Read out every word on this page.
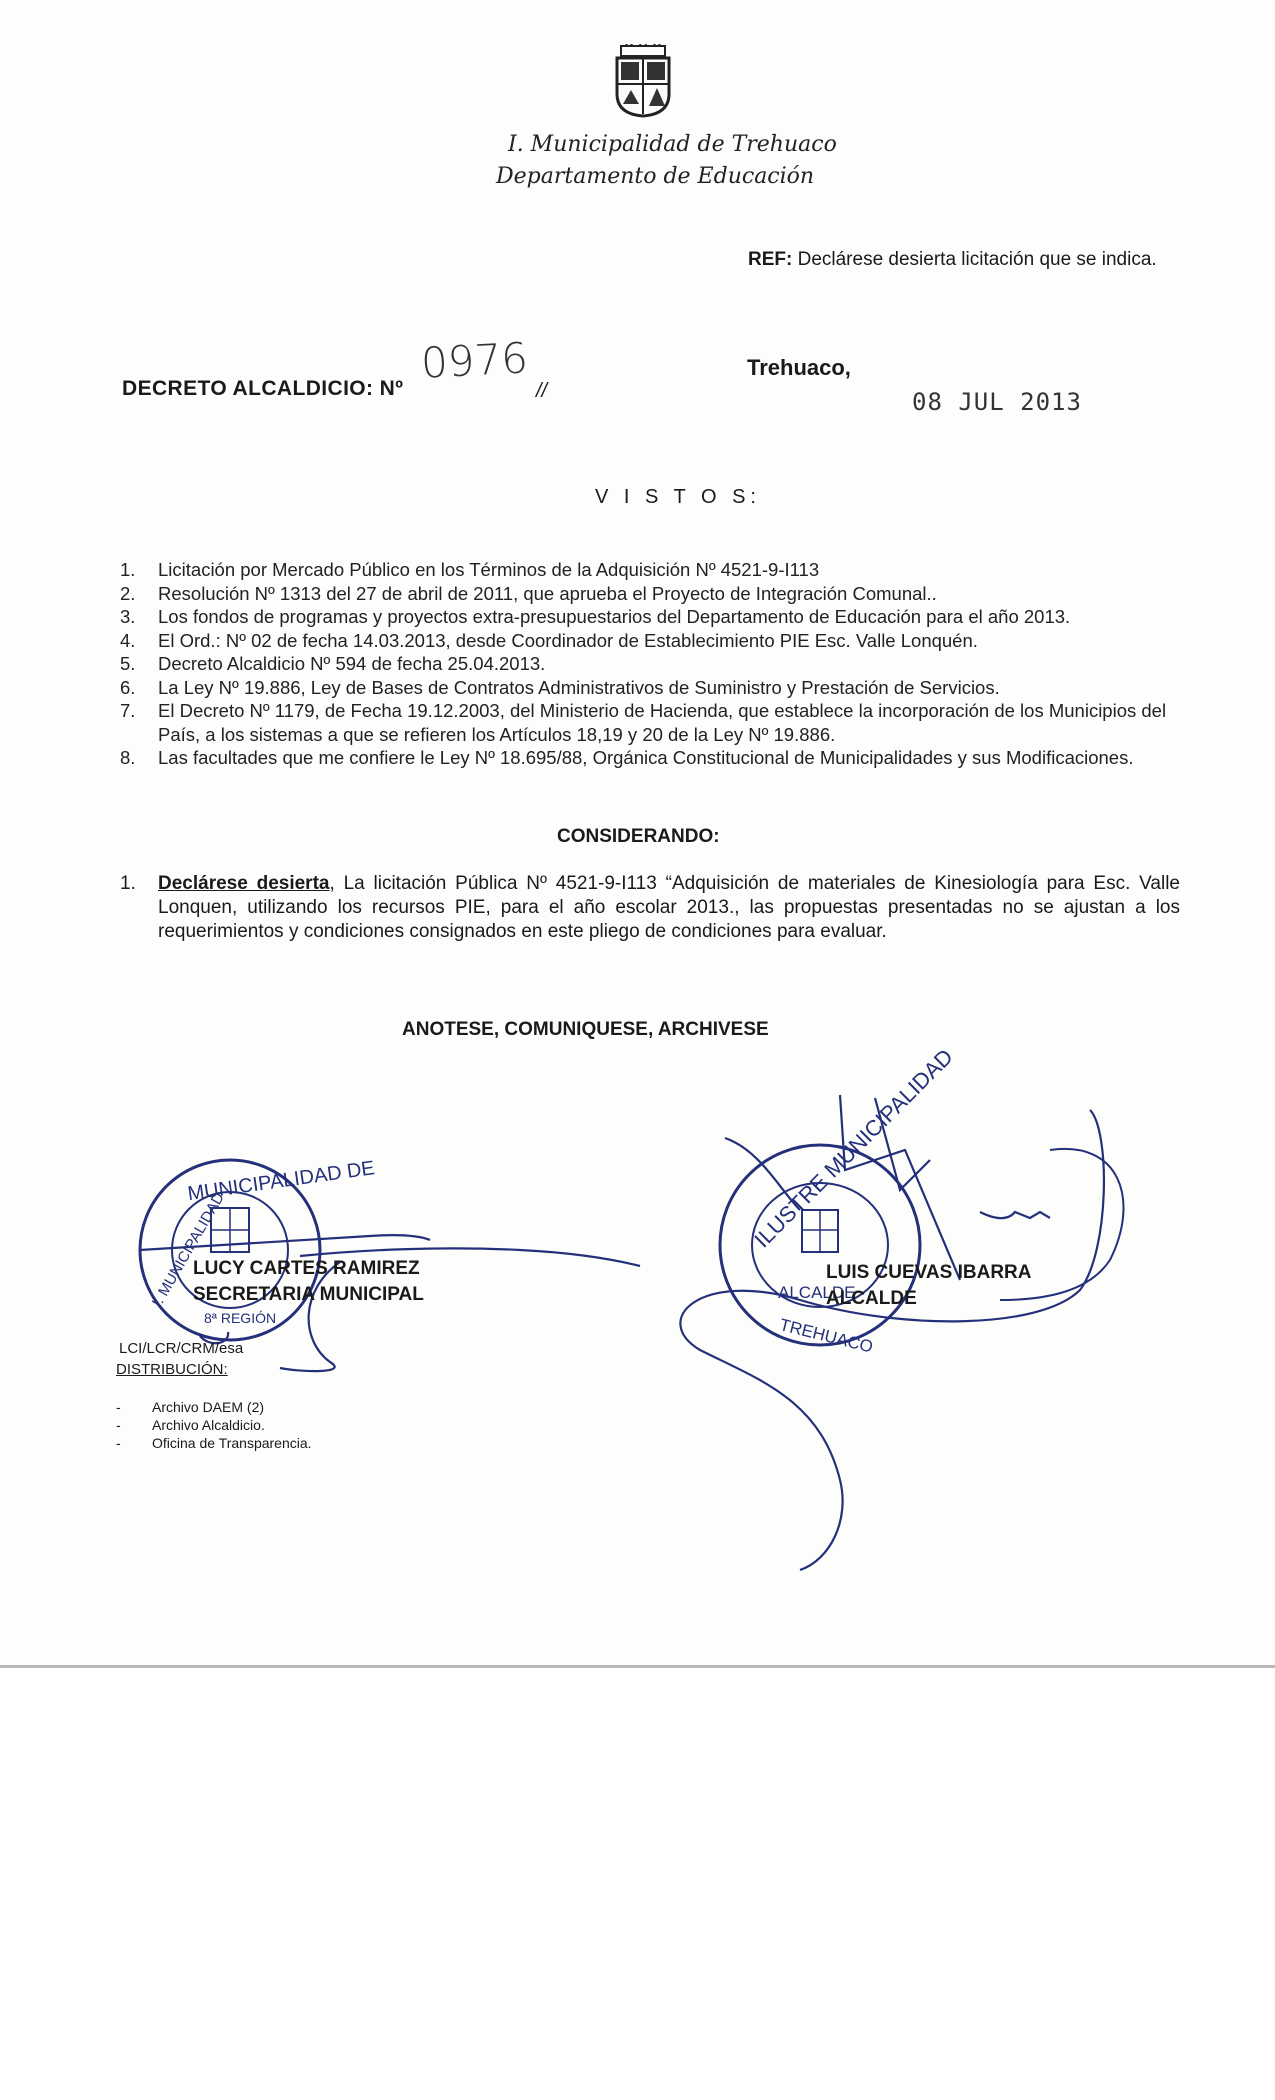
I. Municipalidad de Trehuaco
Departamento de Educación
REF: Declárese desierta licitación que se indica.
DECRETO ALCALDICIO: Nº
0976
//
Trehuaco,
08 JUL 2013
V I S T O S:
1. Licitación por Mercado Público en los Términos de la Adquisición Nº 4521-9-I113
2. Resolución Nº 1313 del 27 de abril de 2011, que aprueba el Proyecto de Integración Comunal..
3. Los fondos de programas y proyectos extra-presupuestarios del Departamento de Educación para el año 2013.
4. El Ord.: Nº 02 de fecha 14.03.2013, desde Coordinador de Establecimiento PIE Esc. Valle Lonquén.
5. Decreto Alcaldicio Nº 594 de fecha 25.04.2013.
6. La Ley Nº 19.886, Ley de Bases de Contratos Administrativos de Suministro y Prestación de Servicios.
7. El Decreto Nº 1179, de Fecha 19.12.2003, del Ministerio de Hacienda, que establece la incorporación de los Municipios del País, a los sistemas a que se refieren los Artículos 18,19 y 20 de la Ley Nº 19.886.
8. Las facultades que me confiere le Ley Nº 18.695/88, Orgánica Constitucional de Municipalidades y sus Modificaciones.
CONSIDERANDO:
1.	Declárese desierta, La licitación Pública Nº 4521-9-I113 “Adquisición de materiales de Kinesiología para Esc. Valle Lonquen, utilizando los recursos PIE, para el año escolar 2013., las propuestas presentadas no se ajustan a los requerimientos y condiciones consignados en este pliego de condiciones para evaluar.
ANOTESE, COMUNIQUESE, ARCHIVESE
MUNICIPALIDAD DE
I. MUNICIPALIDAD
8ª REGIÓN
ILUSTRE MUNICIPALIDAD
ALCALDE
TREHUACO
LUCY CARTES RAMIREZ
SECRETARIA MUNICIPAL
LUIS CUEVAS IBARRA
ALCALDE
LCI/LCR/CRM/esa
DISTRIBUCIÓN:
- Archivo DAEM (2)
- Archivo Alcaldicio.
- Oficina de Transparencia.
